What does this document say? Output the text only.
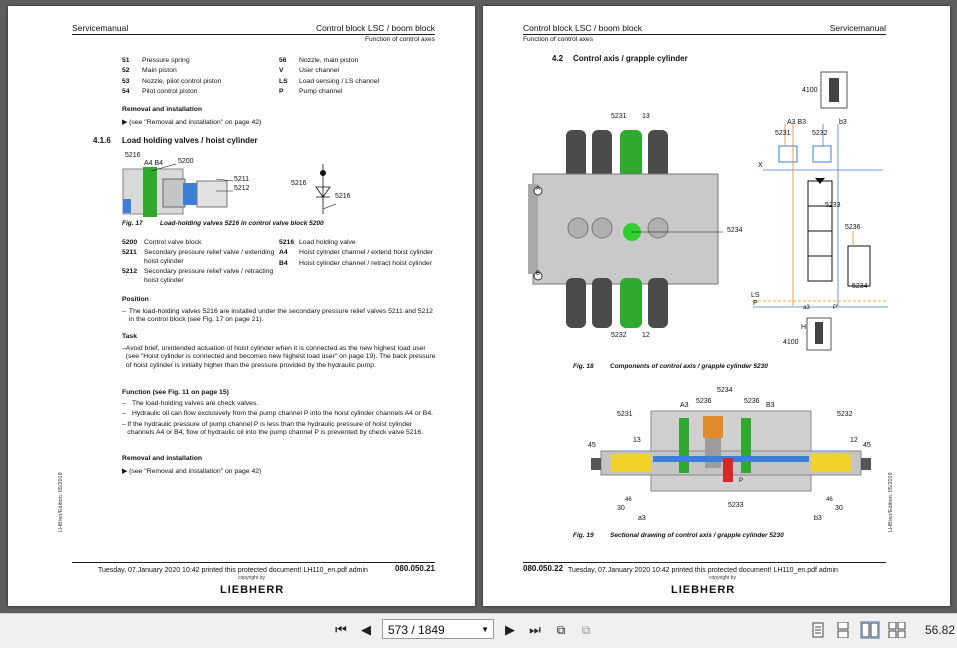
Servicemanual	Control block LSC / boom block
Function of control axes
51 Pressure spring
52 Main piston
53 Nozzle, pilot control piston
54 Pilot control piston
56 Nozzle, main piston
V User channel
LS Load sensing / LS channel
P Pump channel
Removal and installation
▶ (see "Removal and installation" on page 42)
4.1.6 Load holding valves / hoist cylinder
5216
A4 B4 5200
5211
5212
5216
5216
Fig. 17	Load-holding valves 5216 in control valve block 5200
5200	Control valve block
5211	Secondary pressure relief valve / extending hoist cylinder
5212	Secondary pressure relief valve / retracting hoist cylinder
5216 Load holding valve
A4	Hoist cylinder channel / extend hoist cylinder
B4	Hoist cylinder channel / retract hoist cylinder
Position
– The load-holding valves 5216 are installed under the secondary pressure relief valves 5211 and 5212 in the control block (see Fig. 17 on page 21).
Task
– Avoid brief, unintended actuation of hoist cylinder when it is connected as the new highest load user (see "Hoist cylinder is connected and becomes new highest load user" on page 19). The back pressure of hoist cylinder is initially higher than the pressure provided by the hydraulic pump.
Function (see Fig. 11 on page 15)
– The load-holding valves are check valves.
– Hydraulic oil can flow exclusively from the pump channel P into the hoist cylinder channels A4 or B4.
– If the hydraulic pressure of pump channel P is less than the hydraulic pressure of hoist cylinder channels A4 or B4, flow of hydraulic oil into the pump channel P is prevented by check valve 5216.
Removal and installation
▶ (see "Removal and installation" on page 42)
LHB/en/Edition: 05/2019
Tuesday, 07.January 2020 10:42 printed this protected document! LH110_en.pdf admin	080.050.21
copyright by
LIEBHERR
Control block LSC / boom block	Servicemanual
Function of control axes
4.2 Control axis / grapple cylinder
5231 13
5234
5232 12
A
B
4100
A3 B3	b3
5231	5232
X
5233
5236
5234
LS
P
a3	P'
H
4100
Fig. 18	Components of control axis / grapple cylinder 5230
5234
A3
5236	5236
B3
5231	5232
13	12
45	45
46	46
30	30
a3	b3
5233
P
Fig. 19	Sectional drawing of control axis / grapple cylinder 5230
LHB/en/Edition: 05/2019
080.050.22 Tuesday, 07.January 2020 10:42 printed this protected document! LH110_en.pdf admin
copyright by
LIEBHERR
⏮ ◀	573 / 1849	▼ ▶ ⏭	⧉	⧉	56.82
